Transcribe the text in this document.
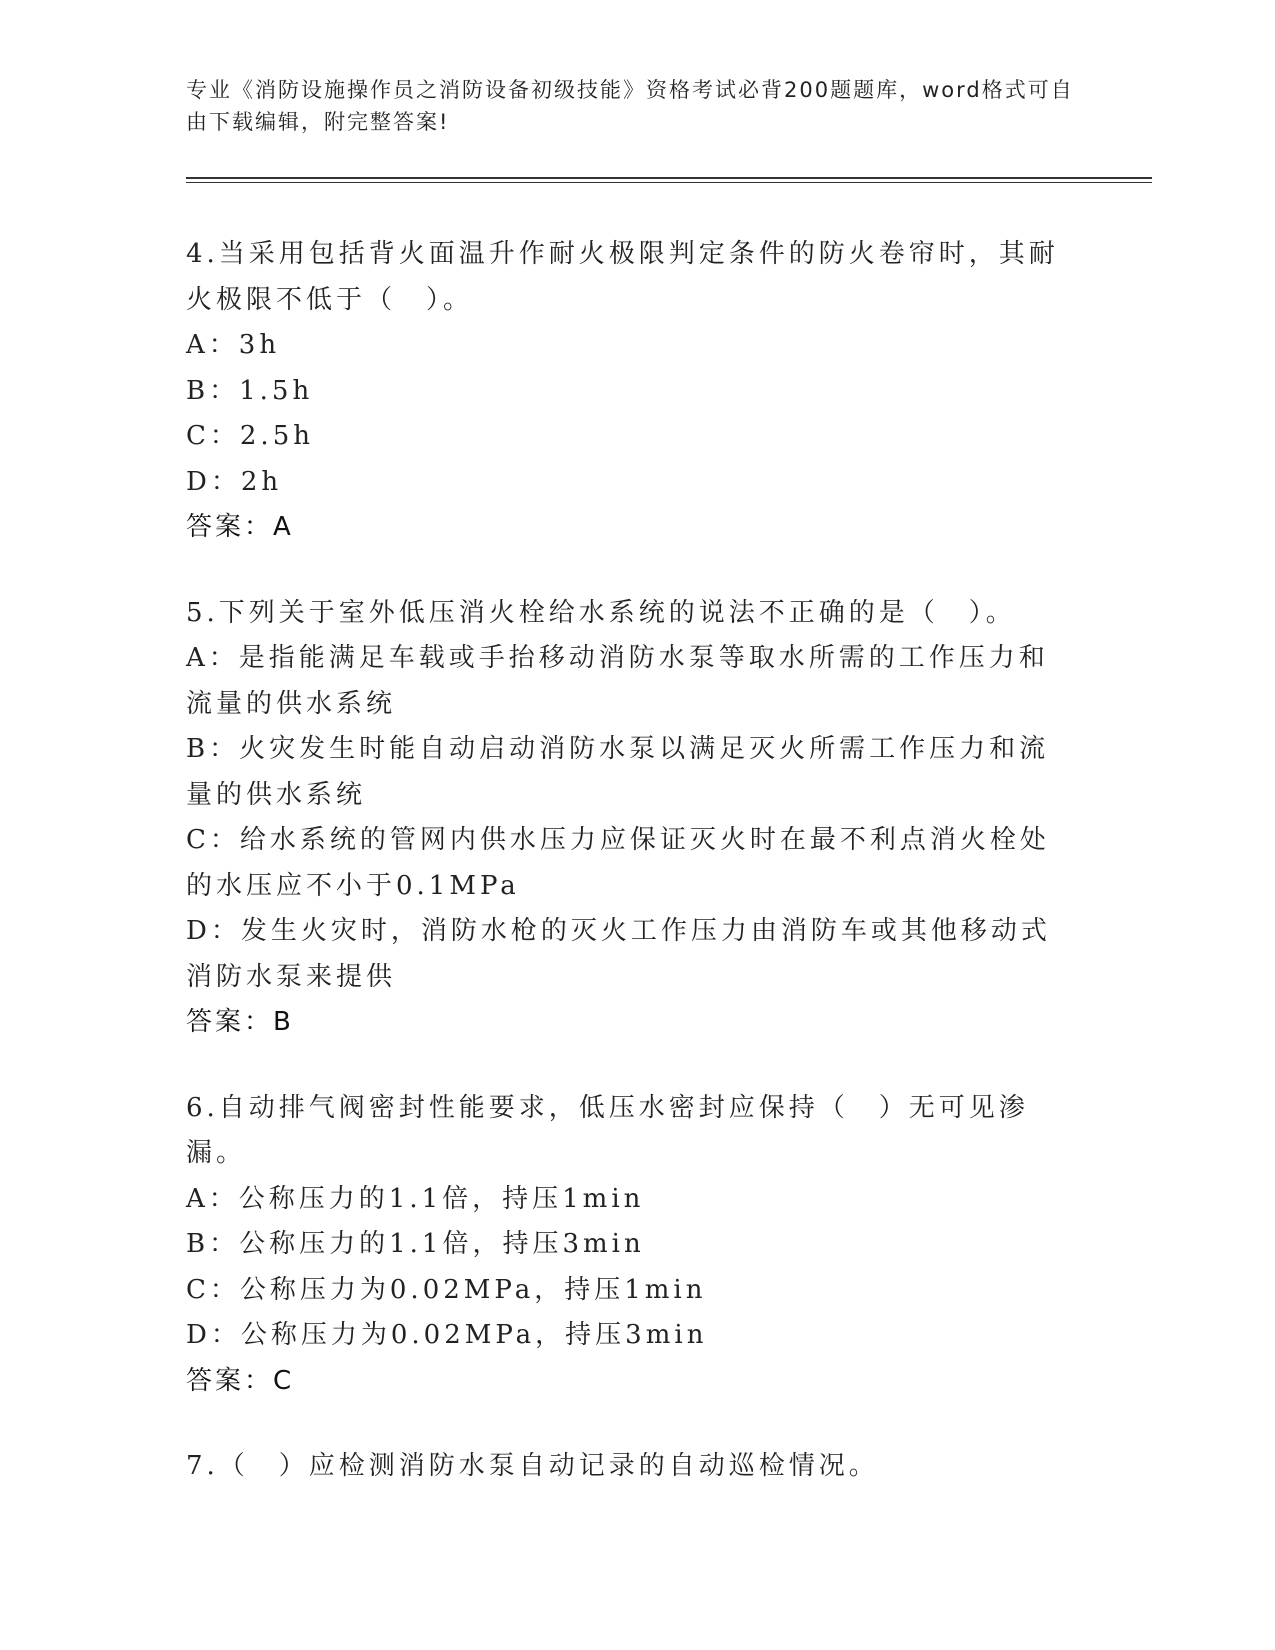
专业《消防设施操作员之消防设备初级技能》资格考试必背200题题库，word格式可自由下载编辑，附完整答案!
4.当采用包括背火面温升作耐火极限判定条件的防火卷帘时，其耐火极限不低于（　）。
A：3h
B：1.5h
C：2.5h
D：2h
答案：A
5.下列关于室外低压消火栓给水系统的说法不正确的是（　）。
A：是指能满足车载或手抬移动消防水泵等取水所需的工作压力和流量的供水系统
B：火灾发生时能自动启动消防水泵以满足灭火所需工作压力和流量的供水系统
C：给水系统的管网内供水压力应保证灭火时在最不利点消火栓处的水压应不小于0.1MPa
D：发生火灾时，消防水枪的灭火工作压力由消防车或其他移动式消防水泵来提供
答案：B
6.自动排气阀密封性能要求，低压水密封应保持（　）无可见渗漏。
A：公称压力的1.1倍，持压1min
B：公称压力的1.1倍，持压3min
C：公称压力为0.02MPa，持压1min
D：公称压力为0.02MPa，持压3min
答案：C
7.（　）应检测消防水泵自动记录的自动巡检情况。
